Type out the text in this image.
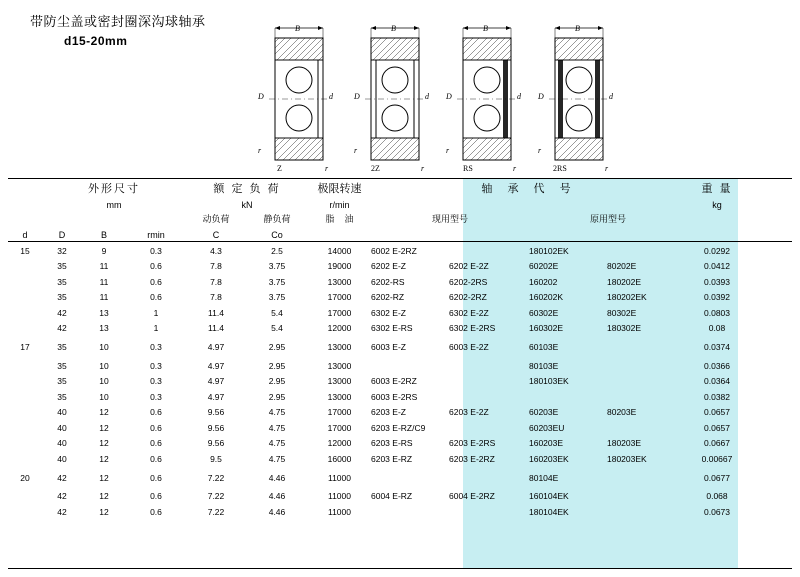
带防尘盖或密封圈深沟球轴承
d15-20mm
B
D	d
r
Z	r
B
D	d
r
2Z	r
B
D	d
r
RS	r
B
D	d
r
2RS	r
	外形尺寸			额 定 负 荷		极限转速	轴 承 代 号				重 量
	mm			kN		r/min					kg
				动负荷	静负荷	脂 油	现用型号		原用型号		
d	D	B	rmin	C	Co						
15	32	9	0.3	4.3	2.5	14000	6002 E-2RZ		180102EK		0.0292
	35	11	0.6	7.8	3.75	19000	6202 E-Z	6202 E-2Z	60202E	80202E	0.0412
	35	11	0.6	7.8	3.75	13000	6202-RS	6202-2RS	160202	180202E	0.0393
	35	11	0.6	7.8	3.75	17000	6202-RZ	6202-2RZ	160202K	180202EK	0.0392
	42	13	1	11.4	5.4	17000	6302 E-Z	6302 E-2Z	60302E	80302E	0.0803
	42	13	1	11.4	5.4	12000	6302 E-RS	6302 E-2RS	160302E	180302E	0.08
17	35	10	0.3	4.97	2.95	13000	6003 E-Z	6003 E-2Z	60103E		0.0374
	35	10	0.3	4.97	2.95	13000			80103E		0.0366
	35	10	0.3	4.97	2.95	13000	6003 E-2RZ		180103EK		0.0364
	35	10	0.3	4.97	2.95	13000	6003 E-2RS				0.0382
	40	12	0.6	9.56	4.75	17000	6203 E-Z	6203 E-2Z	60203E	80203E	0.0657
	40	12	0.6	9.56	4.75	17000	6203 E-RZ/C9		60203EU		0.0657
	40	12	0.6	9.56	4.75	12000	6203 E-RS	6203 E-2RS	160203E	180203E	0.0667
	40	12	0.6	9.5	4.75	16000	6203 E-RZ	6203 E-2RZ	160203EK	180203EK	0.00667
20	42	12	0.6	7.22	4.46	11000			80104E		0.0677
	42	12	0.6	7.22	4.46	11000	6004 E-RZ	6004 E-2RZ	160104EK		0.068
	42	12	0.6	7.22	4.46	11000			180104EK		0.0673
